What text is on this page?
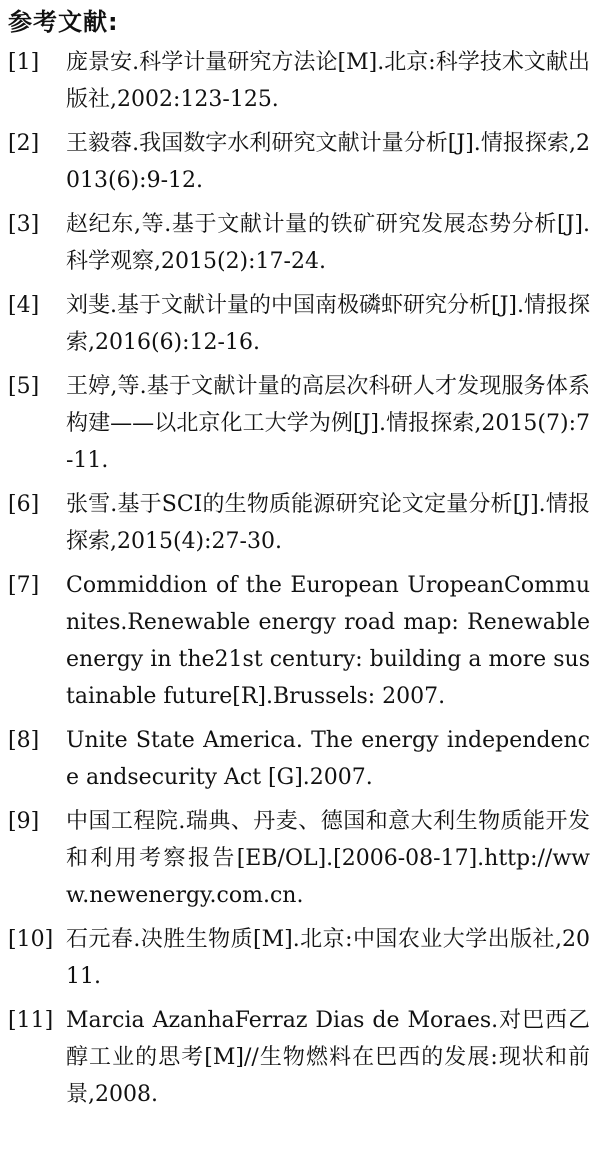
参考文献:
[1]	庞景安.科学计量研究方法论[M].北京:科学技术文献出版社,2002:123-125.
[2]	王毅蓉.我国数字水利研究文献计量分析[J].情报探索,2013(6):9-12.
[3]	赵纪东,等.基于文献计量的铁矿研究发展态势分析[J].科学观察,2015(2):17-24.
[4]	刘斐.基于文献计量的中国南极磷虾研究分析[J].情报探索,2016(6):12-16.
[5]	王婷,等.基于文献计量的高层次科研人才发现服务体系构建——以北京化工大学为例[J].情报探索,2015(7):7-11.
[6]	张雪.基于SCI的生物质能源研究论文定量分析[J].情报探索,2015(4):27-30.
[7]	Commiddion of the European UropeanCommunites.Renewable energy road map: Renewable energy in the21st century: building a more sustainable future[R].Brussels: 2007.
[8]	Unite State America. The energy independence andsecurity Act [G].2007.
[9]	中国工程院.瑞典、丹麦、德国和意大利生物质能开发和利用考察报告[EB/OL].[2006-08-17].http://www.newenergy.com.cn.
[10] 石元春.决胜生物质[M].北京:中国农业大学出版社,2011.
[11] Marcia AzanhaFerraz Dias de Moraes.对巴西乙醇工业的思考[M]//生物燃料在巴西的发展:现状和前景,2008.
